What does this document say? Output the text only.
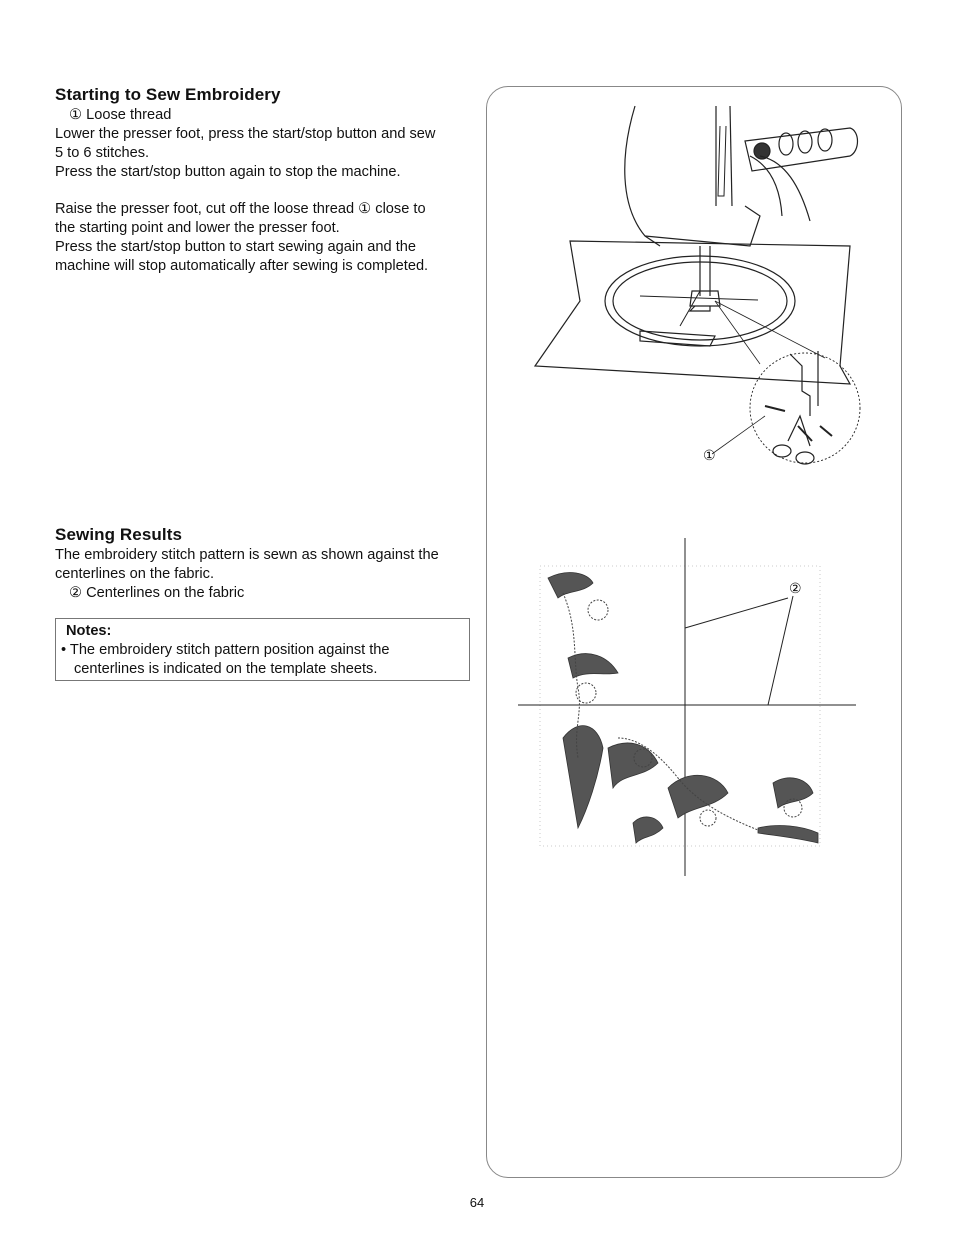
Starting to Sew Embroidery
① Loose thread
Lower the presser foot, press the start/stop button and sew
5 to 6 stitches.
Press the start/stop button again to stop the machine.
Raise the presser foot, cut off the loose thread ① close to
the starting point and lower the presser foot.
Press the start/stop button to start sewing again and the
machine will stop automatically after sewing is completed.
Sewing Results
The embroidery stitch pattern is sewn as shown against the
centerlines on the fabric.
② Centerlines on the fabric
Notes:
• The embroidery stitch pattern position against the
centerlines is indicated on the template sheets.
①
②
64
